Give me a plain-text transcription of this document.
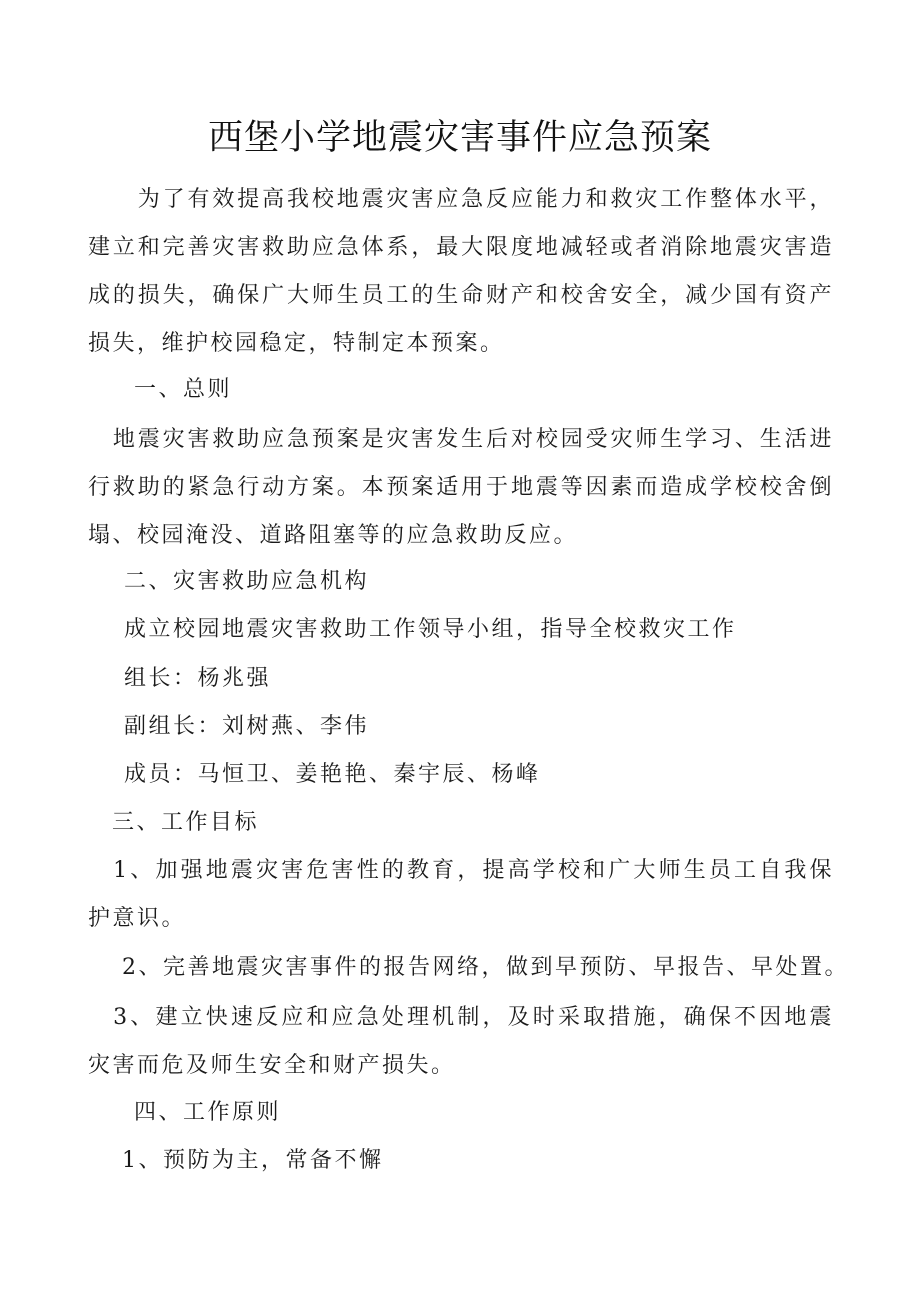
西堡小学地震灾害事件应急预案

　　为了有效提高我校地震灾害应急反应能力和救灾工作整体水平，建立和完善灾害救助应急体系，最大限度地减轻或者消除地震灾害造成的损失，确保广大师生员工的生命财产和校舍安全，减少国有资产损失，维护校园稳定，特制定本预案。

一、总则

　地震灾害救助应急预案是灾害发生后对校园受灾师生学习、生活进行救助的紧急行动方案。本预案适用于地震等因素而造成学校校舍倒塌、校园淹没、道路阻塞等的应急救助反应。

二、灾害救助应急机构

成立校园地震灾害救助工作领导小组，指导全校救灾工作

组长：杨兆强

副组长：刘树燕、李伟

成员：马恒卫、姜艳艳、秦宇辰、杨峰

三、工作目标

　1、加强地震灾害危害性的教育，提高学校和广大师生员工自我保护意识。

2、完善地震灾害事件的报告网络，做到早预防、早报告、早处置。

　3、建立快速反应和应急处理机制，及时采取措施，确保不因地震灾害而危及师生安全和财产损失。

四、工作原则

1、预防为主，常备不懈
